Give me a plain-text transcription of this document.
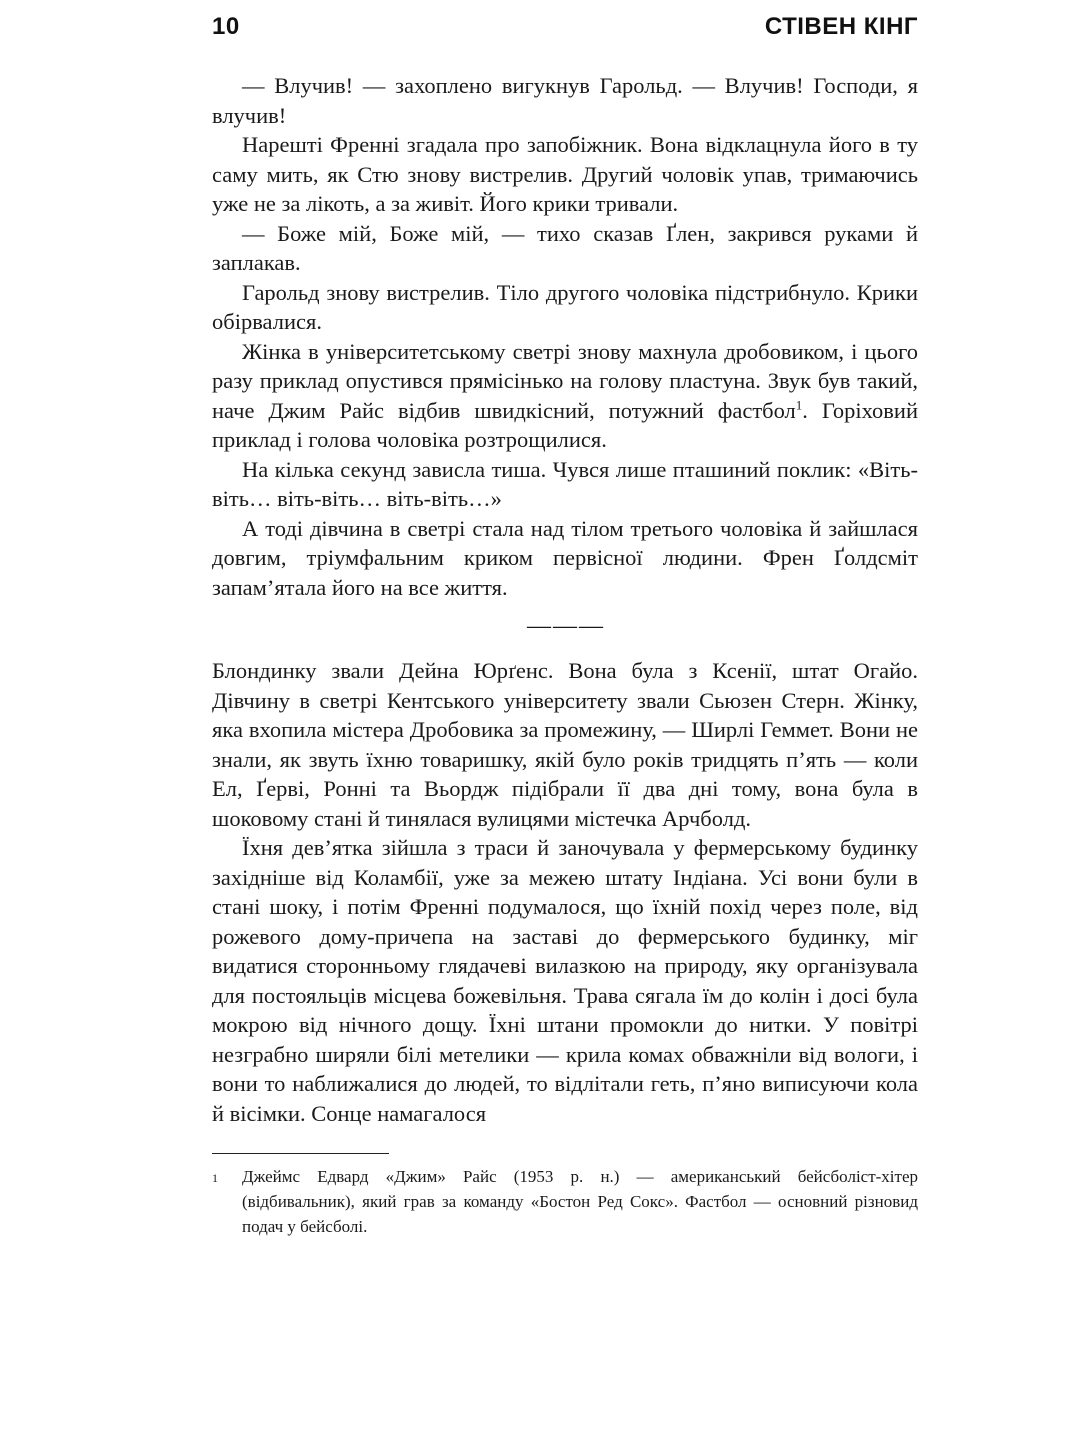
10	СТІВЕН КІНГ

— Влучив! — захоплено вигукнув Гарольд. — Влучив! Господи, я влучив!

Нарешті Френні згадала про запобіжник. Вона відклацнула його в ту саму мить, як Стю знову вистрелив. Другий чоловік упав, тримаючись уже не за лікоть, а за живіт. Його крики тривали.

— Боже мій, Боже мій, — тихо сказав Ґлен, закрився руками й заплакав.

Гарольд знову вистрелив. Тіло другого чоловіка підстрибнуло. Крики обірвалися.

Жінка в університетському светрі знову махнула дробовиком, і цього разу приклад опустився прямісінько на голову пластуна. Звук був такий, наче Джим Райс відбив швидкісний, потужний фастбол$^1$. Горіховий приклад і голова чоловіка розтрощилися.

На кілька секунд зависла тиша. Чувся лише пташиний поклик: «Віть-віть… віть-віть… віть-віть…»

А тоді дівчина в светрі стала над тілом третього чоловіка й зайшлася довгим, тріумфальним криком первісної людини. Френ Ґолдсміт запам’ятала його на все життя.

———

Блондинку звали Дейна Юрґенс. Вона була з Ксенії, штат Огайо. Дівчину в светрі Кентського університету звали Сьюзен Стерн. Жінку, яка вхопила містера Дробовика за промежину, — Ширлі Геммет. Вони не знали, як звуть їхню товаришку, якій було років тридцять п’ять — коли Ел, Ґерві, Ронні та Вьордж підібрали її два дні тому, вона була в шоковому стані й тинялася вулицями містечка Арчболд.

Їхня дев’ятка зійшла з траси й заночувала у фермерському будинку західніше від Коламбії, уже за межею штату Індіана. Усі вони були в стані шоку, і потім Френні подумалося, що їхній похід через поле, від рожевого дому-причепа на заставі до фермерського будинку, міг видатися сторонньому глядачеві вилазкою на природу, яку організувала для постояльців місцева божевільня. Трава сягала їм до колін і досі була мокрою від нічного дощу. Їхні штани промокли до нитки. У повітрі незграбно ширяли білі метелики — крила комах обважніли від вологи, і вони то наближалися до людей, то відлітали геть, п’яно виписуючи кола й вісімки. Сонце намагалося

1 Джеймс Едвард «Джим» Райс (1953 р. н.) — американський бейсболіст-хітер (відбивальник), який грав за команду «Бостон Ред Сокс». Фастбол — основний різновид подач у бейсболі.
